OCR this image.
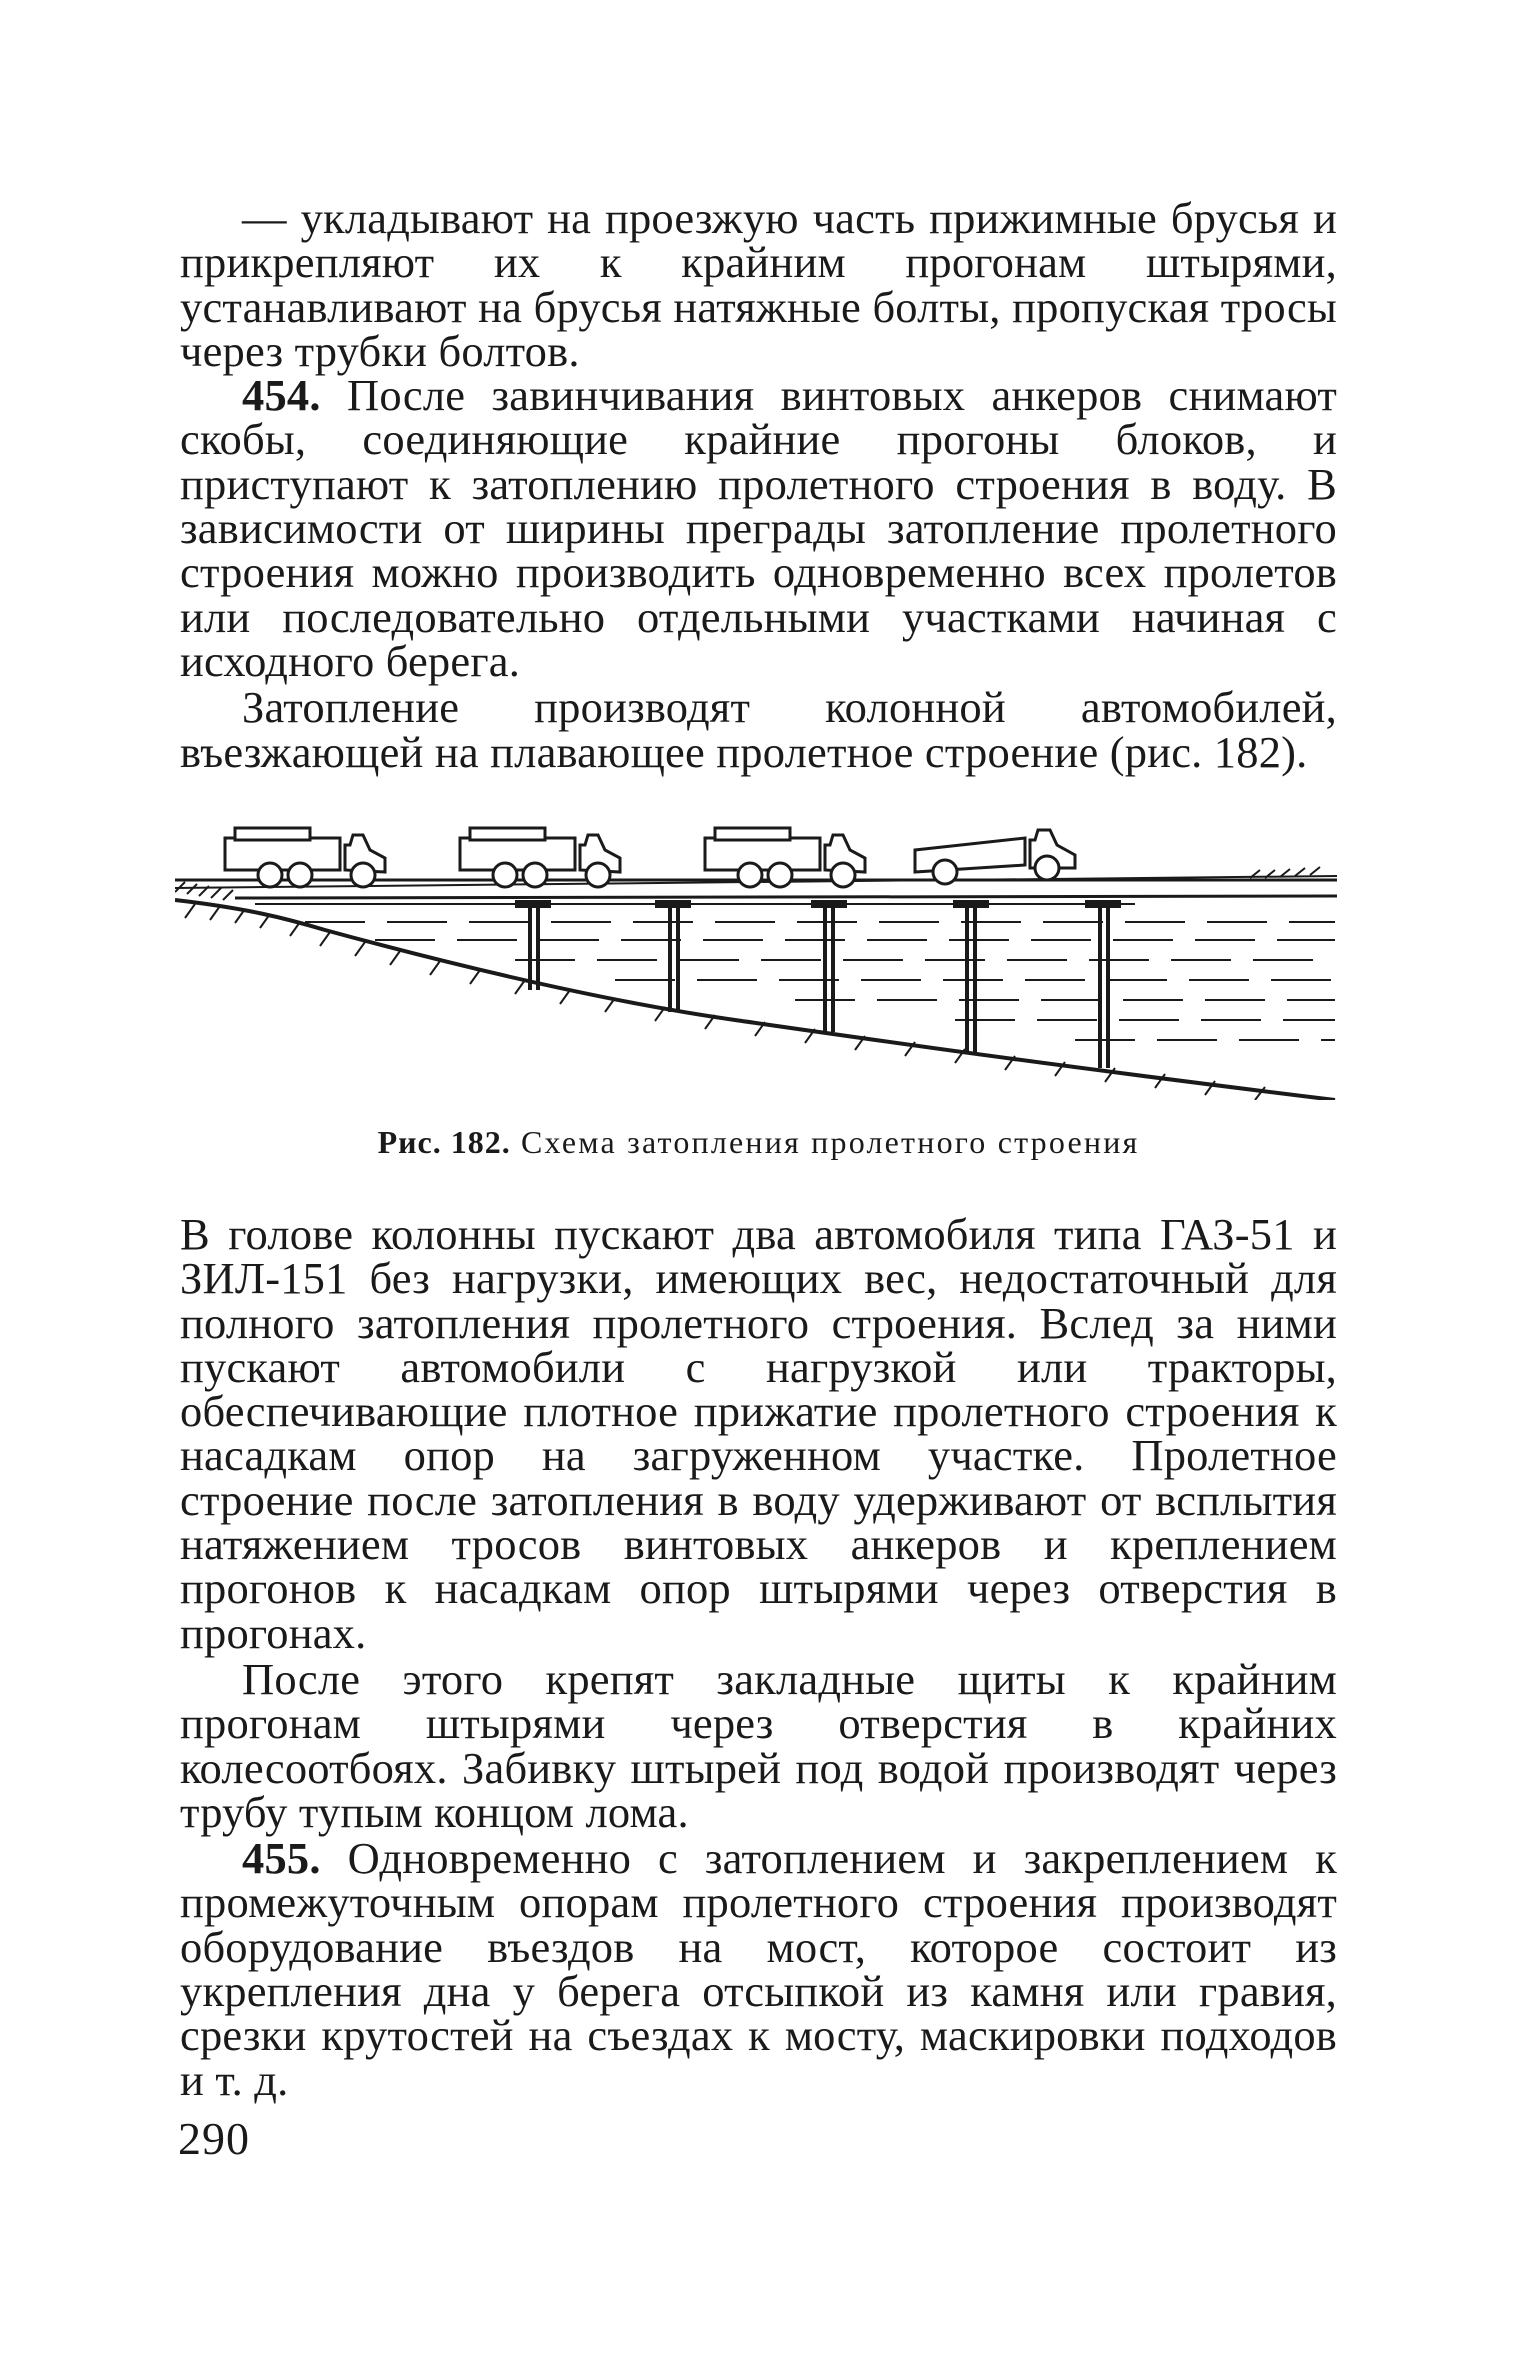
— укладывают на проезжую часть прижимные брусья и прикрепляют их к крайним прогонам штырями, устанавливают на брусья натяжные болты, пропуская тросы через трубки болтов.

454. После завинчивания винтовых анкеров снимают скобы, соединяющие крайние прогоны блоков, и приступают к затоплению пролетного строения в воду. В зависимости от ширины преграды затопление пролетного строения можно производить одновременно всех пролетов или последовательно отдельными участками начиная с исходного берега.

Затопление производят колонной автомобилей, въезжающей на плавающее пролетное строение (рис. 182).

Рис. 182. Схема затопления пролетного строения

В голове колонны пускают два автомобиля типа ГАЗ-51 и ЗИЛ-151 без нагрузки, имеющих вес, недостаточный для полного затопления пролетного строения. Вслед за ними пускают автомобили с нагрузкой или тракторы, обеспечивающие плотное прижатие пролетного строения к насадкам опор на загруженном участке. Пролетное строение после затопления в воду удерживают от всплытия натяжением тросов винтовых анкеров и креплением прогонов к насадкам опор штырями через отверстия в прогонах.

После этого крепят закладные щиты к крайним прогонам штырями через отверстия в крайних колесоотбоях. Забивку штырей под водой производят через трубу тупым концом лома.

455. Одновременно с затоплением и закреплением к промежуточным опорам пролетного строения производят оборудование въездов на мост, которое состоит из укрепления дна у берега отсыпкой из камня или гравия, срезки крутостей на съездах к мосту, маскировки подходов и т. д.

290
